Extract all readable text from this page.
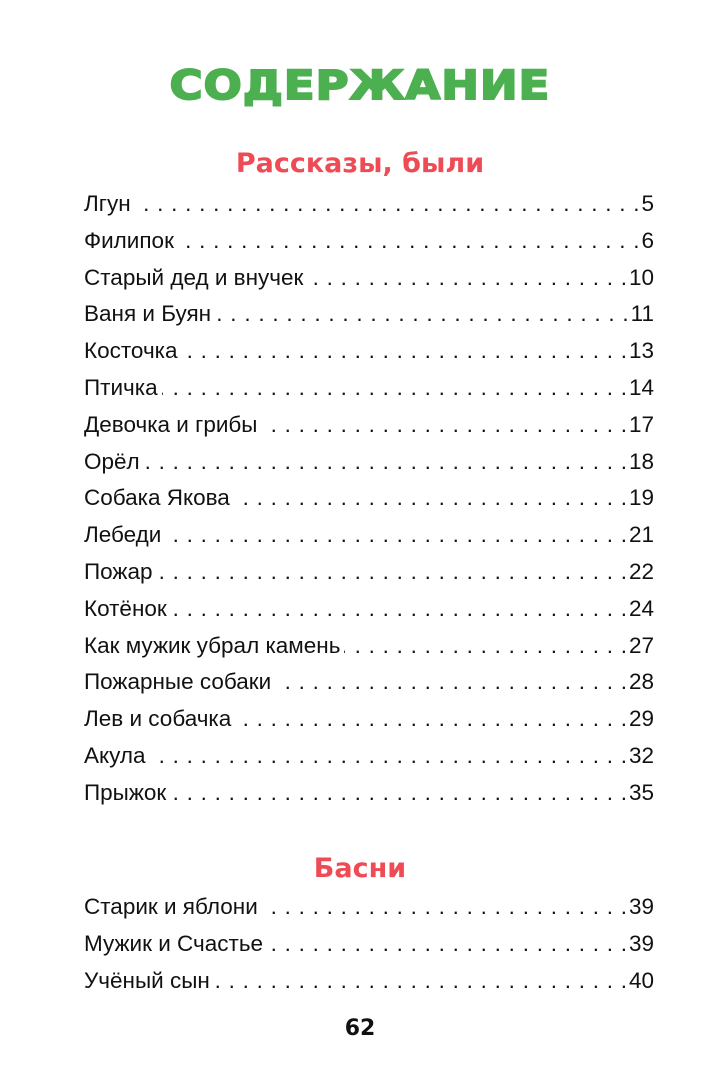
СОДЕРЖАНИЕ
Рассказы, были
Лгун . . .	5
Филипок . . .	6
Старый дед и внучек . . .	10
Ваня и Буян . . .	11
Косточка . . .	13
Птичка . . .	14
Девочка и грибы . . .	17
Орёл . . .	18
Собака Якова . . .	19
Лебеди . . .	21
Пожар . . .	22
Котёнок . . .	24
Как мужик убрал камень . . .	27
Пожарные собаки . . .	28
Лев и собачка . . .	29
Акула . . .	32
Прыжок . . .	35
Басни
Старик и яблони . . .	39
Мужик и Счастье . . .	39
Учёный сын . . .	40
62
